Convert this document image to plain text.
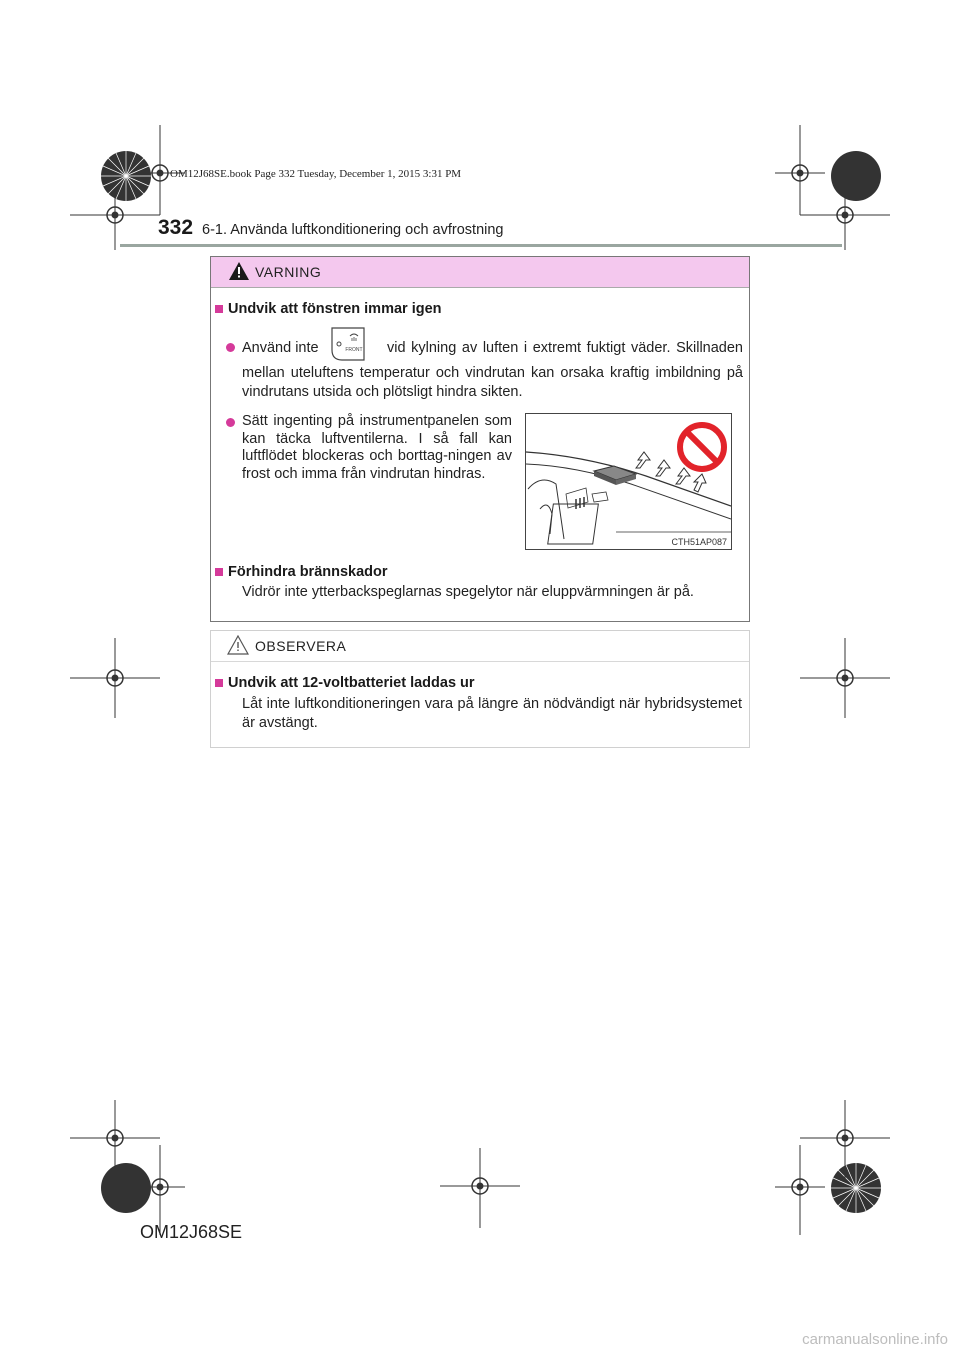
OM12J68SE.book Page 332 Tuesday, December 1, 2015 3:31 PM
332 6-1. Använda luftkonditionering och avfrostning
VARNING
Undvik att fönstren immar igen
Använd inte	FRONT vid kylning av luften i extremt fuktigt väder. Skillnaden
mellan uteluftens temperatur och vindrutan kan orsaka kraftig imbildning på vindrutans utsida och plötsligt hindra sikten.
Sätt ingenting på instrumentpanelen som kan täcka luftventilerna. I så fall kan luftflödet blockeras och borttag-ningen av frost och imma från vindrutan hindras.
CTH51AP087
Förhindra brännskador
Vidrör inte ytterbackspeglarnas spegelytor när eluppvärmningen är på.
OBSERVERA
Undvik att 12-voltbatteriet laddas ur
Låt inte luftkonditioneringen vara på längre än nödvändigt när hybridsystemet är avstängt.
OM12J68SE
carmanualsonline.info
